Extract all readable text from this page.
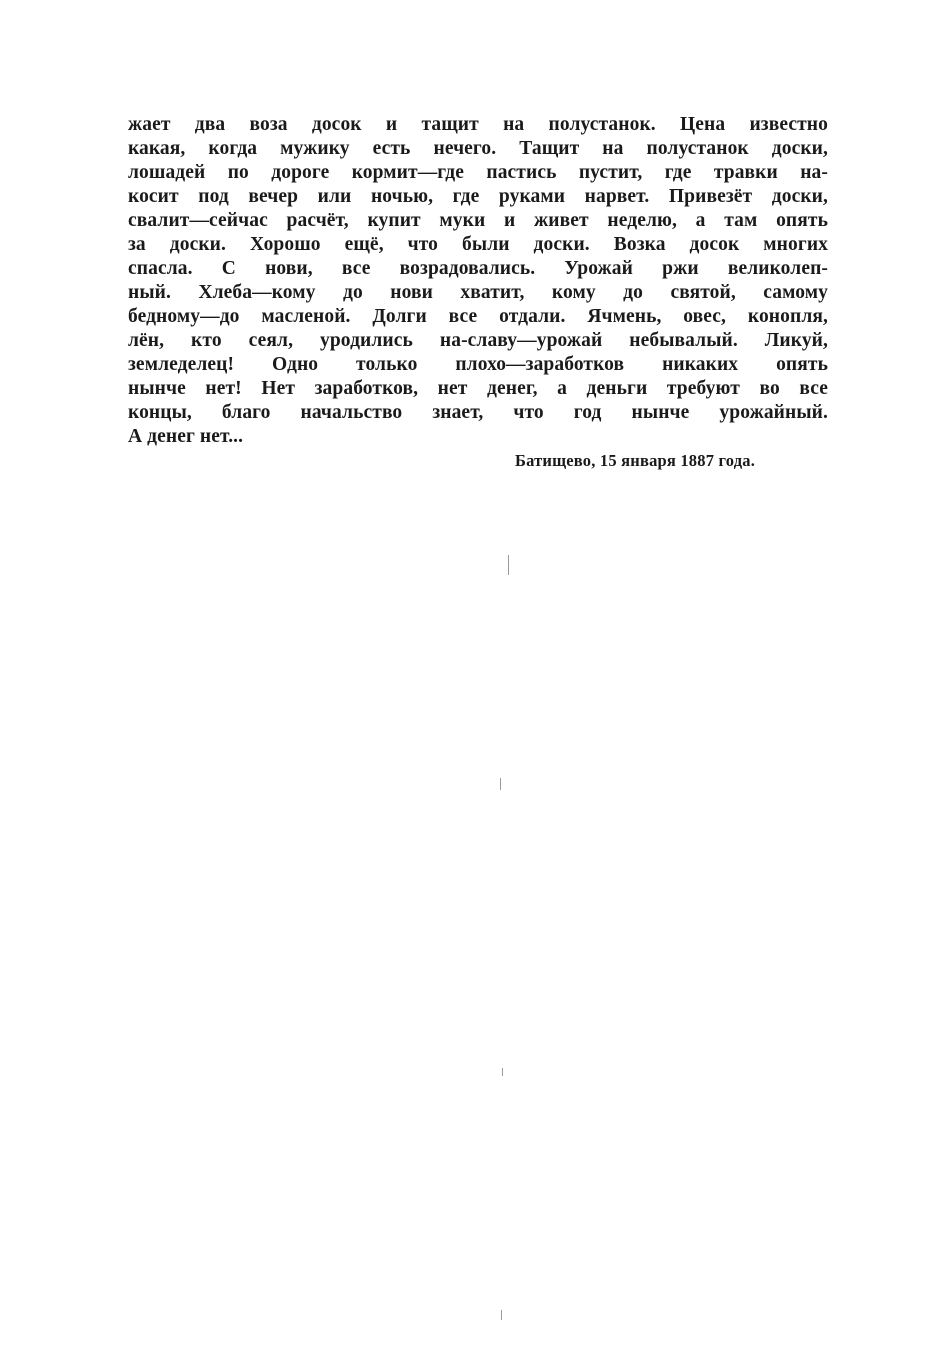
жает два воза досок и тащит на полустанок. Цена известно
какая, когда мужику есть нечего. Тащит на полустанок доски,
лошадей по дороге кормит—где пастись пустит, где травки на-
косит под вечер или ночью, где руками нарвет. Привезёт доски,
свалит—сейчас расчёт, купит муки и живет неделю, а там опять
за доски. Хорошо ещё, что были доски. Возка досок многих
спасла. С нови, все возрадовались. Урожай ржи великолеп-
ный. Хлеба—кому до нови хватит, кому до святой, самому
бедному—до масленой. Долги все отдали. Ячмень, овес, конопля,
лён, кто сеял, уродились на-славу—урожай небывалый. Ликуй,
земледелец! Одно только плохо—заработков никаких опять
нынче нет! Нет заработков, нет денег, а деньги требуют во все
концы, благо начальство знает, что год нынче урожайный.
А денег нет...
Батищево, 15 января 1887 года.
